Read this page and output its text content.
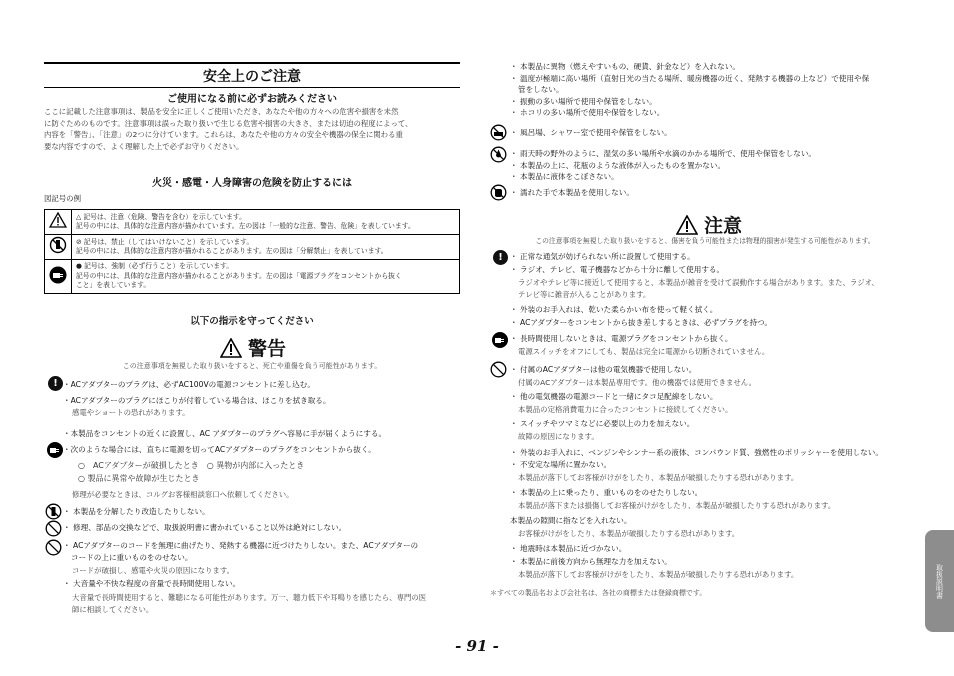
安全上のご注意
ご使用になる前に必ずお読みください
ここに記載した注意事項は、製品を安全に正しくご使用いただき、あなたや他の方々への危害や損害を未然
に防ぐためのものです。注意事項は誤った取り扱いで生じる危害や損害の大きさ、または切迫の程度によって、
内容を「警告」、「注意」の2つに分けています。これらは、あなたや他の方々の安全や機器の保全に関わる重
要な内容ですので、よく理解した上で必ずお守りください。
火災・感電・人身障害の危険を防止するには
図記号の例

△ 記号は、注意（危険、警告を含む）を示しています。
記号の中には、具体的な注意内容が描かれています。左の図は「一般的な注意、警告、危険」を表しています。

⊘ 記号は、禁止（してはいけないこと）を示しています。
記号の中には、具体的な注意内容が描かれることがあります。左の図は「分解禁止」を表しています。

● 記号は、強制（必ず行うこと）を示しています。
記号の中には、具体的な注意内容が描かれることがあります。左の図は「電源プラグをコンセントから抜く
こと」を表しています。
以下の指示を守ってください
警告
この注意事項を無視した取り扱いをすると、死亡や重傷を負う可能性があります。
! ・ACアダプターのプラグは、必ずAC100Vの電源コンセントに差し込む。
・ACアダプターのプラグにほこりが付着している場合は、ほこりを拭き取る。
感電やショートの恐れがあります。
・本製品をコンセントの近くに設置し、AC アダプターのプラグへ容易に手が届くようにする。
・次のような場合には、直ちに電源を切ってACアダプターのプラグをコンセントから抜く。
○　ACアダプターが破損したとき　○ 異物が内部に入ったとき
○ 製品に異常や故障が生じたとき
修理が必要なときは、コルグお客様相談窓口へ依頼してください。
・ 本製品を分解したり改造したりしない。
・ 修理、部品の交換などで、取扱説明書に書かれていること以外は絶対にしない。
・ ACアダプターのコードを無理に曲げたり、発熱する機器に近づけたりしない。また、ACアダプターの
コードの上に重いものをのせない。
コードが破損し、感電や火災の原因になります。
・ 大音量や不快な程度の音量で長時間使用しない。
大音量で長時間使用すると、難聴になる可能性があります。万一、聴力低下や耳鳴りを感じたら、専門の医
師に相談してください。
・ 本製品に異物（燃えやすいもの、硬貨、針金など）を入れない。
・ 温度が極端に高い場所（直射日光の当たる場所、暖房機器の近く、発熱する機器の上など）で使用や保
管をしない。
・ 振動の多い場所で使用や保管をしない。
・ ホコリの多い場所で使用や保管をしない。
・ 風呂場、シャワー室で使用や保管をしない。
・ 雨天時の野外のように、湿気の多い場所や水滴のかかる場所で、使用や保管をしない。
・ 本製品の上に、花瓶のような液体が入ったものを置かない。
・ 本製品に液体をこぼさない。
・ 濡れた手で本製品を使用しない。
注意
この注意事項を無視した取り扱いをすると、傷害を負う可能性または物理的損害が発生する可能性があります。
! ・ 正常な通気が妨げられない所に設置して使用する。
・ ラジオ、テレビ、電子機器などから十分に離して使用する。
ラジオやテレビ等に接近して使用すると、本製品が雑音を受けて誤動作する場合があります。また、ラジオ、
テレビ等に雑音が入ることがあります。
・ 外装のお手入れは、乾いた柔らかい布を使って軽く拭く。
・ ACアダプターをコンセントから抜き差しするときは、必ずプラグを持つ。
・ 長時間使用しないときは、電源プラグをコンセントから抜く。
電源スイッチをオフにしても、製品は完全に電源から切断されていません。
・ 付属のACアダプターは他の電気機器で使用しない。
付属のACアダプターは本製品専用です。他の機器では使用できません。
・ 他の電気機器の電源コードと一緒にタコ足配線をしない。
本製品の定格消費電力に合ったコンセントに接続してください。
・ スイッチやツマミなどに必要以上の力を加えない。
故障の原因になります。
・ 外装のお手入れに、ベンジンやシンナー系の液体、コンパウンド質、強燃性のポリッシャーを使用しない。
・ 不安定な場所に置かない。
本製品が落下してお客様がけがをしたり、本製品が破損したりする恐れがあります。
・ 本製品の上に乗ったり、重いものをのせたりしない。
本製品が落下または損傷してお客様がけがをしたり、本製品が破損したりする恐れがあります。
本製品の隙間に指などを入れない。
お客様がけがをしたり、本製品が破損したりする恐れがあります。
・ 地震時は本製品に近づかない。
・ 本製品に前後方向から無理な力を加えない。
本製品が落下してお客様がけがをしたり、本製品が破損したりする恐れがあります。
＊すべての製品名および会社名は、各社の商標または登録商標です。	取扱説明書
- 91 -
